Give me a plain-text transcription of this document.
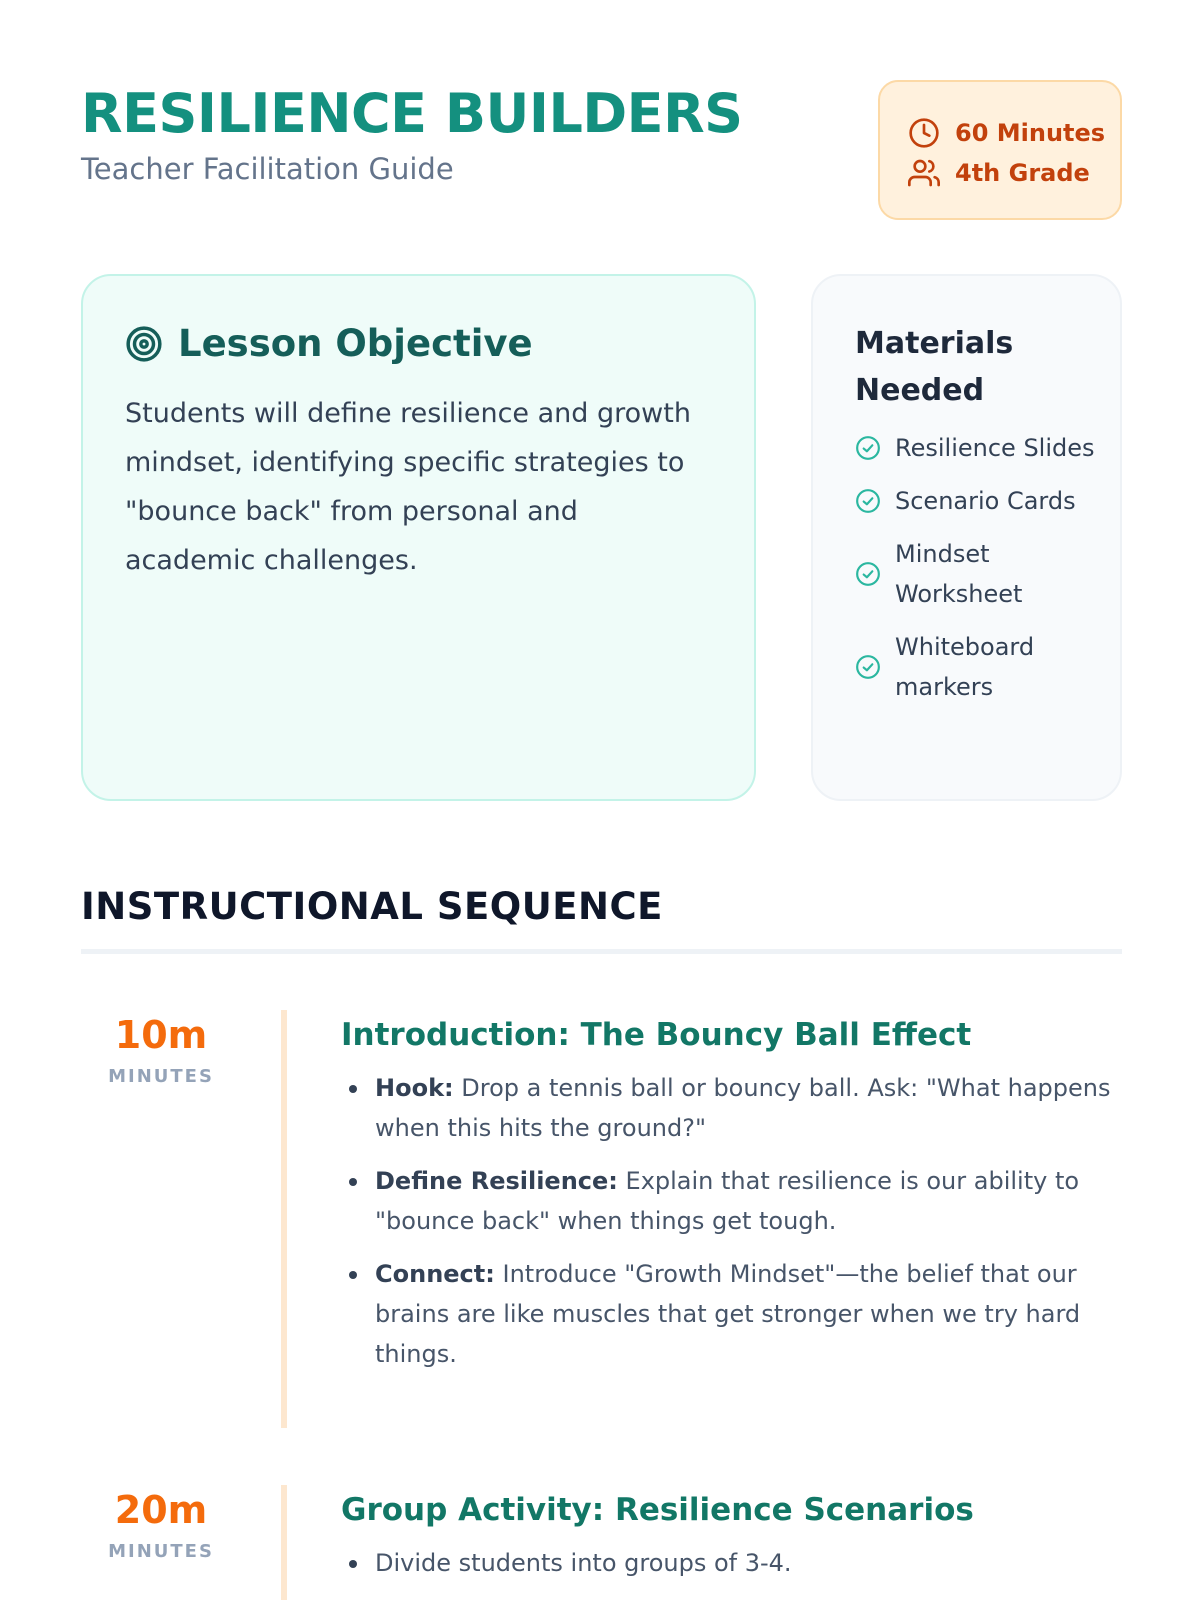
RESILIENCE BUILDERS
Teacher Facilitation Guide
60 Minutes
4th Grade
Lesson Objective

Students will define resilience and growth mindset, identifying specific strategies to "bounce back" from personal and academic challenges.

Materials Needed
Resilience Slides
Scenario Cards
Mindset Worksheet
Whiteboard markers
INSTRUCTIONAL SEQUENCE
10m
MINUTES
Introduction: The Bouncy Ball Effect
Hook: Drop a tennis ball or bouncy ball. Ask: "What happens when this hits the ground?"
Define Resilience: Explain that resilience is our ability to "bounce back" when things get tough.
Connect: Introduce "Growth Mindset"—the belief that our brains are like muscles that get stronger when we try hard things.
20m
MINUTES
Group Activity: Resilience Scenarios
Divide students into groups of 3-4.
